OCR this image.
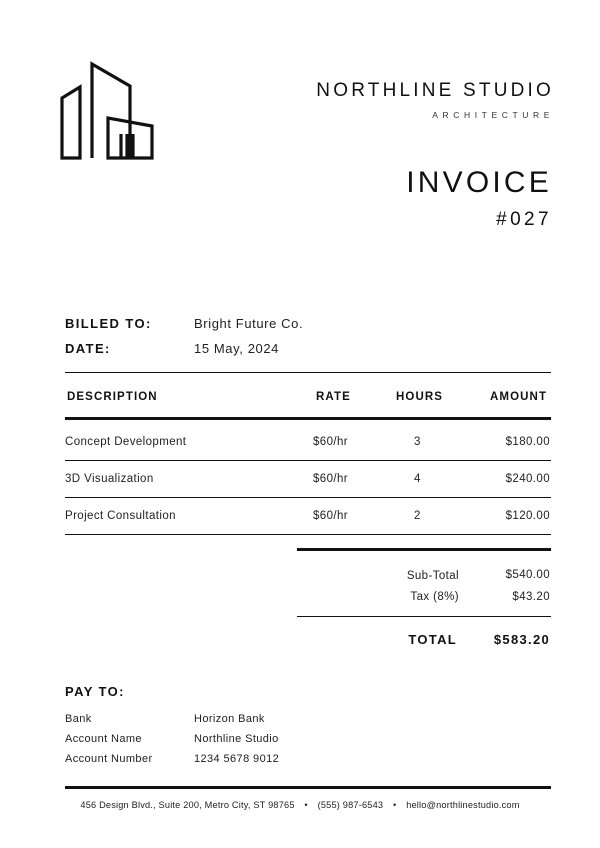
NORTHLINE STUDIO
ARCHITECTURE
INVOICE
#027
BILLED TO:	Bright Future Co.
DATE:	15 May, 2024
DESCRIPTION	RATE	HOURS	AMOUNT
Concept Development	$60/hr	3	$180.00
3D Visualization	$60/hr	4	$240.00
Project Consultation	$60/hr	2	$120.00
Sub-Total	$540.00
Tax (8%)	$43.20
TOTAL	$583.20
PAY TO:
Bank	Horizon Bank
Account Name	Northline Studio
Account Number	1234 5678 9012
456 Design Blvd., Suite 200, Metro City, ST 98765 • (555) 987-6543 • hello@northlinestudio.com
